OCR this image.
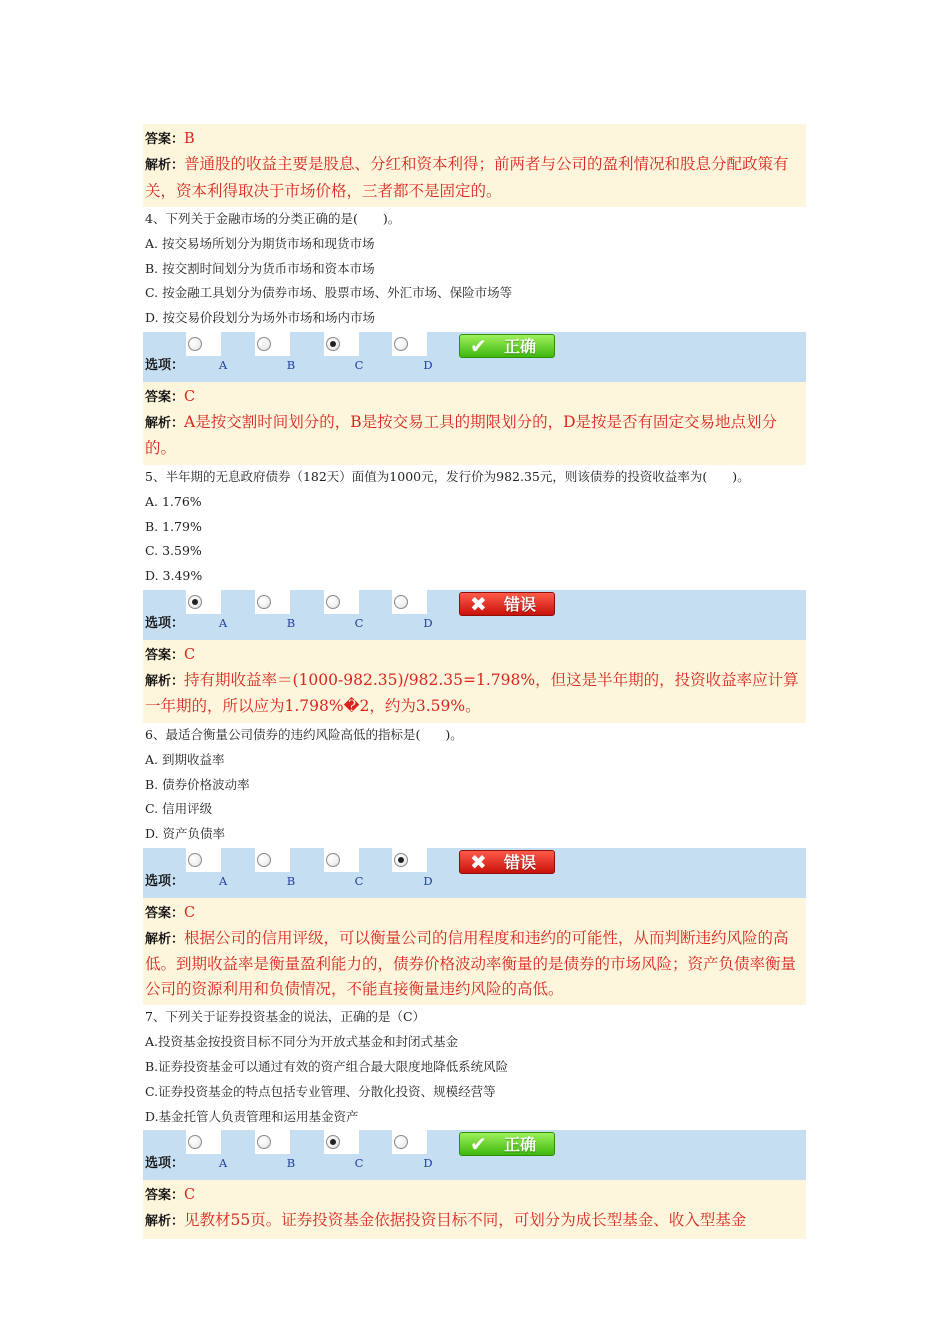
答案：B
解析：普通股的收益主要是股息、分红和资本利得；前两者与公司的盈利情况和股息分配政策有关，资本利得取决于市场价格，三者都不是固定的。
4、下列关于金融市场的分类正确的是(　　)。
A. 按交易场所划分为期货市场和现货市场
B. 按交割时间划分为货币市场和资本市场
C. 按金融工具划分为债券市场、股票市场、外汇市场、保险市场等
D. 按交易价段划分为场外市场和场内市场
选项：	A	B	C	D
✔ 正确
答案：C
解析：A是按交割时间划分的，B是按交易工具的期限划分的，D是按是否有固定交易地点划分的。
5、半年期的无息政府债券（182天）面值为1000元，发行价为982.35元，则该债券的投资收益率为(　　)。
A. 1.76%
B. 1.79%
C. 3.59%
D. 3.49%
选项：	A	B	C	D
✖ 错误
答案：C
解析：持有期收益率＝(1000-982.35)/982.35=1.798%，但这是半年期的，投资收益率应计算一年期的，所以应为1.798%�2，约为3.59%。
6、最适合衡量公司债券的违约风险高低的指标是(　　)。
A. 到期收益率
B. 债券价格波动率
C. 信用评级
D. 资产负债率
选项：	A	B	C	D
✖ 错误
答案：C
解析：根据公司的信用评级，可以衡量公司的信用程度和违约的可能性，从而判断违约风险的高低。到期收益率是衡量盈利能力的，债券价格波动率衡量的是债券的市场风险；资产负债率衡量公司的资源利用和负债情况，不能直接衡量违约风险的高低。
7、下列关于证券投资基金的说法，正确的是（C）
A.投资基金按投资目标不同分为开放式基金和封闭式基金
B.证券投资基金可以通过有效的资产组合最大限度地降低系统风险
C.证券投资基金的特点包括专业管理、分散化投资、规模经营等
D.基金托管人负责管理和运用基金资产
选项：	A	B	C	D
✔ 正确
答案：C
解析：见教材55页。证券投资基金依据投资目标不同，可划分为成长型基金、收入型基金
